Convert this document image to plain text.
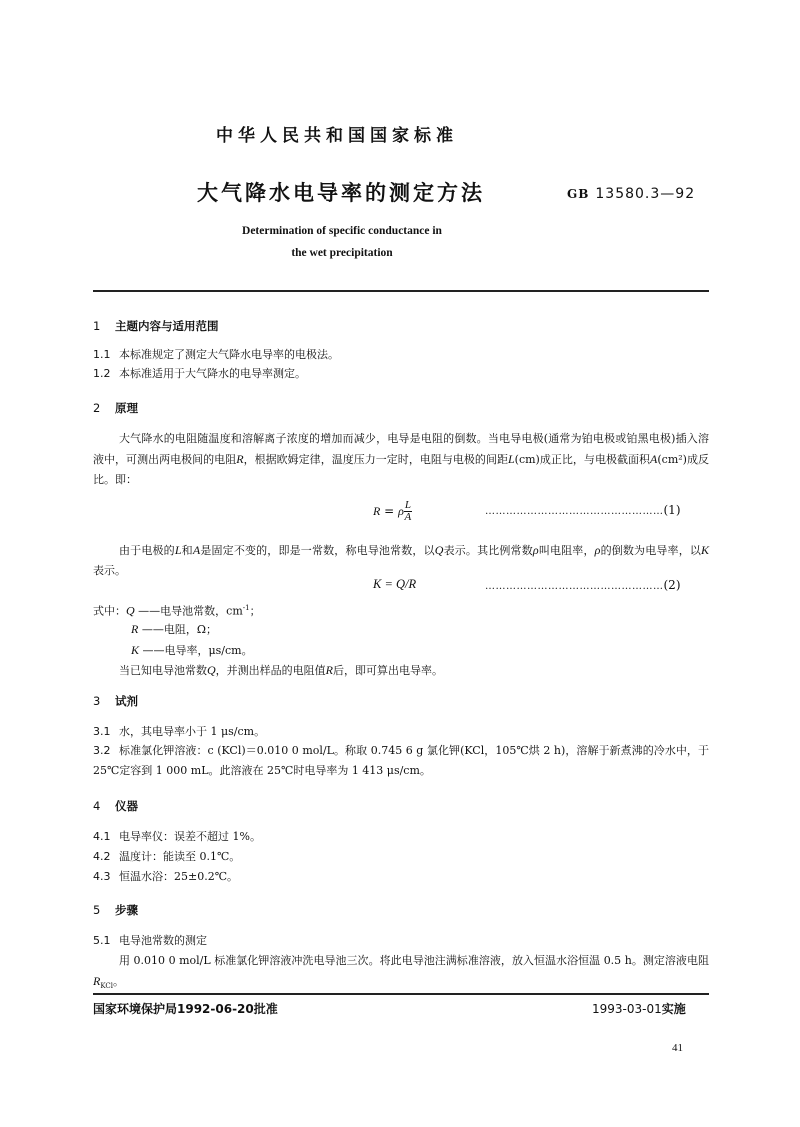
中华人民共和国国家标准
大气降水电导率的测定方法	GB 13580.3—92
Determination of specific conductance in
the wet precipitation
1 主题内容与适用范围
1.1 本标准规定了测定大气降水电导率的电极法。
1.2 本标准适用于大气降水的电导率测定。
2 原理
大气降水的电阻随温度和溶解离子浓度的增加而减少，电导是电阻的倒数。当电导电极(通常为铂电极或铂黑电极)插入溶液中，可测出两电极间的电阻R，根据欧姆定律，温度压力一定时，电阻与电极的间距L(cm)成正比，与电极截面积A(cm²)成反比。即：
R = ρ $\frac{L}{A}$	……………………………………………(1)
由于电极的L和A是固定不变的，即是一常数，称电导池常数，以Q表示。其比例常数ρ叫电阻率，ρ的倒数为电导率，以K表示。
K = Q/R	……………………………………………(2)
式中：Q ——电导池常数，$cm^{-1}$；
R ——电阻，Ω；
K ——电导率，μs/cm。
当已知电导池常数Q，并测出样品的电阻值R后，即可算出电导率。
3 试剂
3.1 水，其电导率小于 1 μs/cm。
3.2 标准氯化钾溶液：c (KCl)＝0.010 0 mol/L。称取 0.745 6 g 氯化钾(KCl，105℃烘 2 h)，溶解于新煮沸的冷水中，于 25℃定容到 1 000 mL。此溶液在 25℃时电导率为 1 413 μs/cm。
4 仪器
4.1 电导率仪：误差不超过 1%。
4.2 温度计：能读至 0.1℃。
4.3 恒温水浴：25±0.2℃。
5 步骤
5.1 电导池常数的测定
用 0.010 0 mol/L 标准氯化钾溶液冲洗电导池三次。将此电导池注满标准溶液，放入恒温水浴恒温 0.5 h。测定溶液电阻$R_{KCl}$。
国家环境保护局1992-06-20批准	1993-03-01实施
41
